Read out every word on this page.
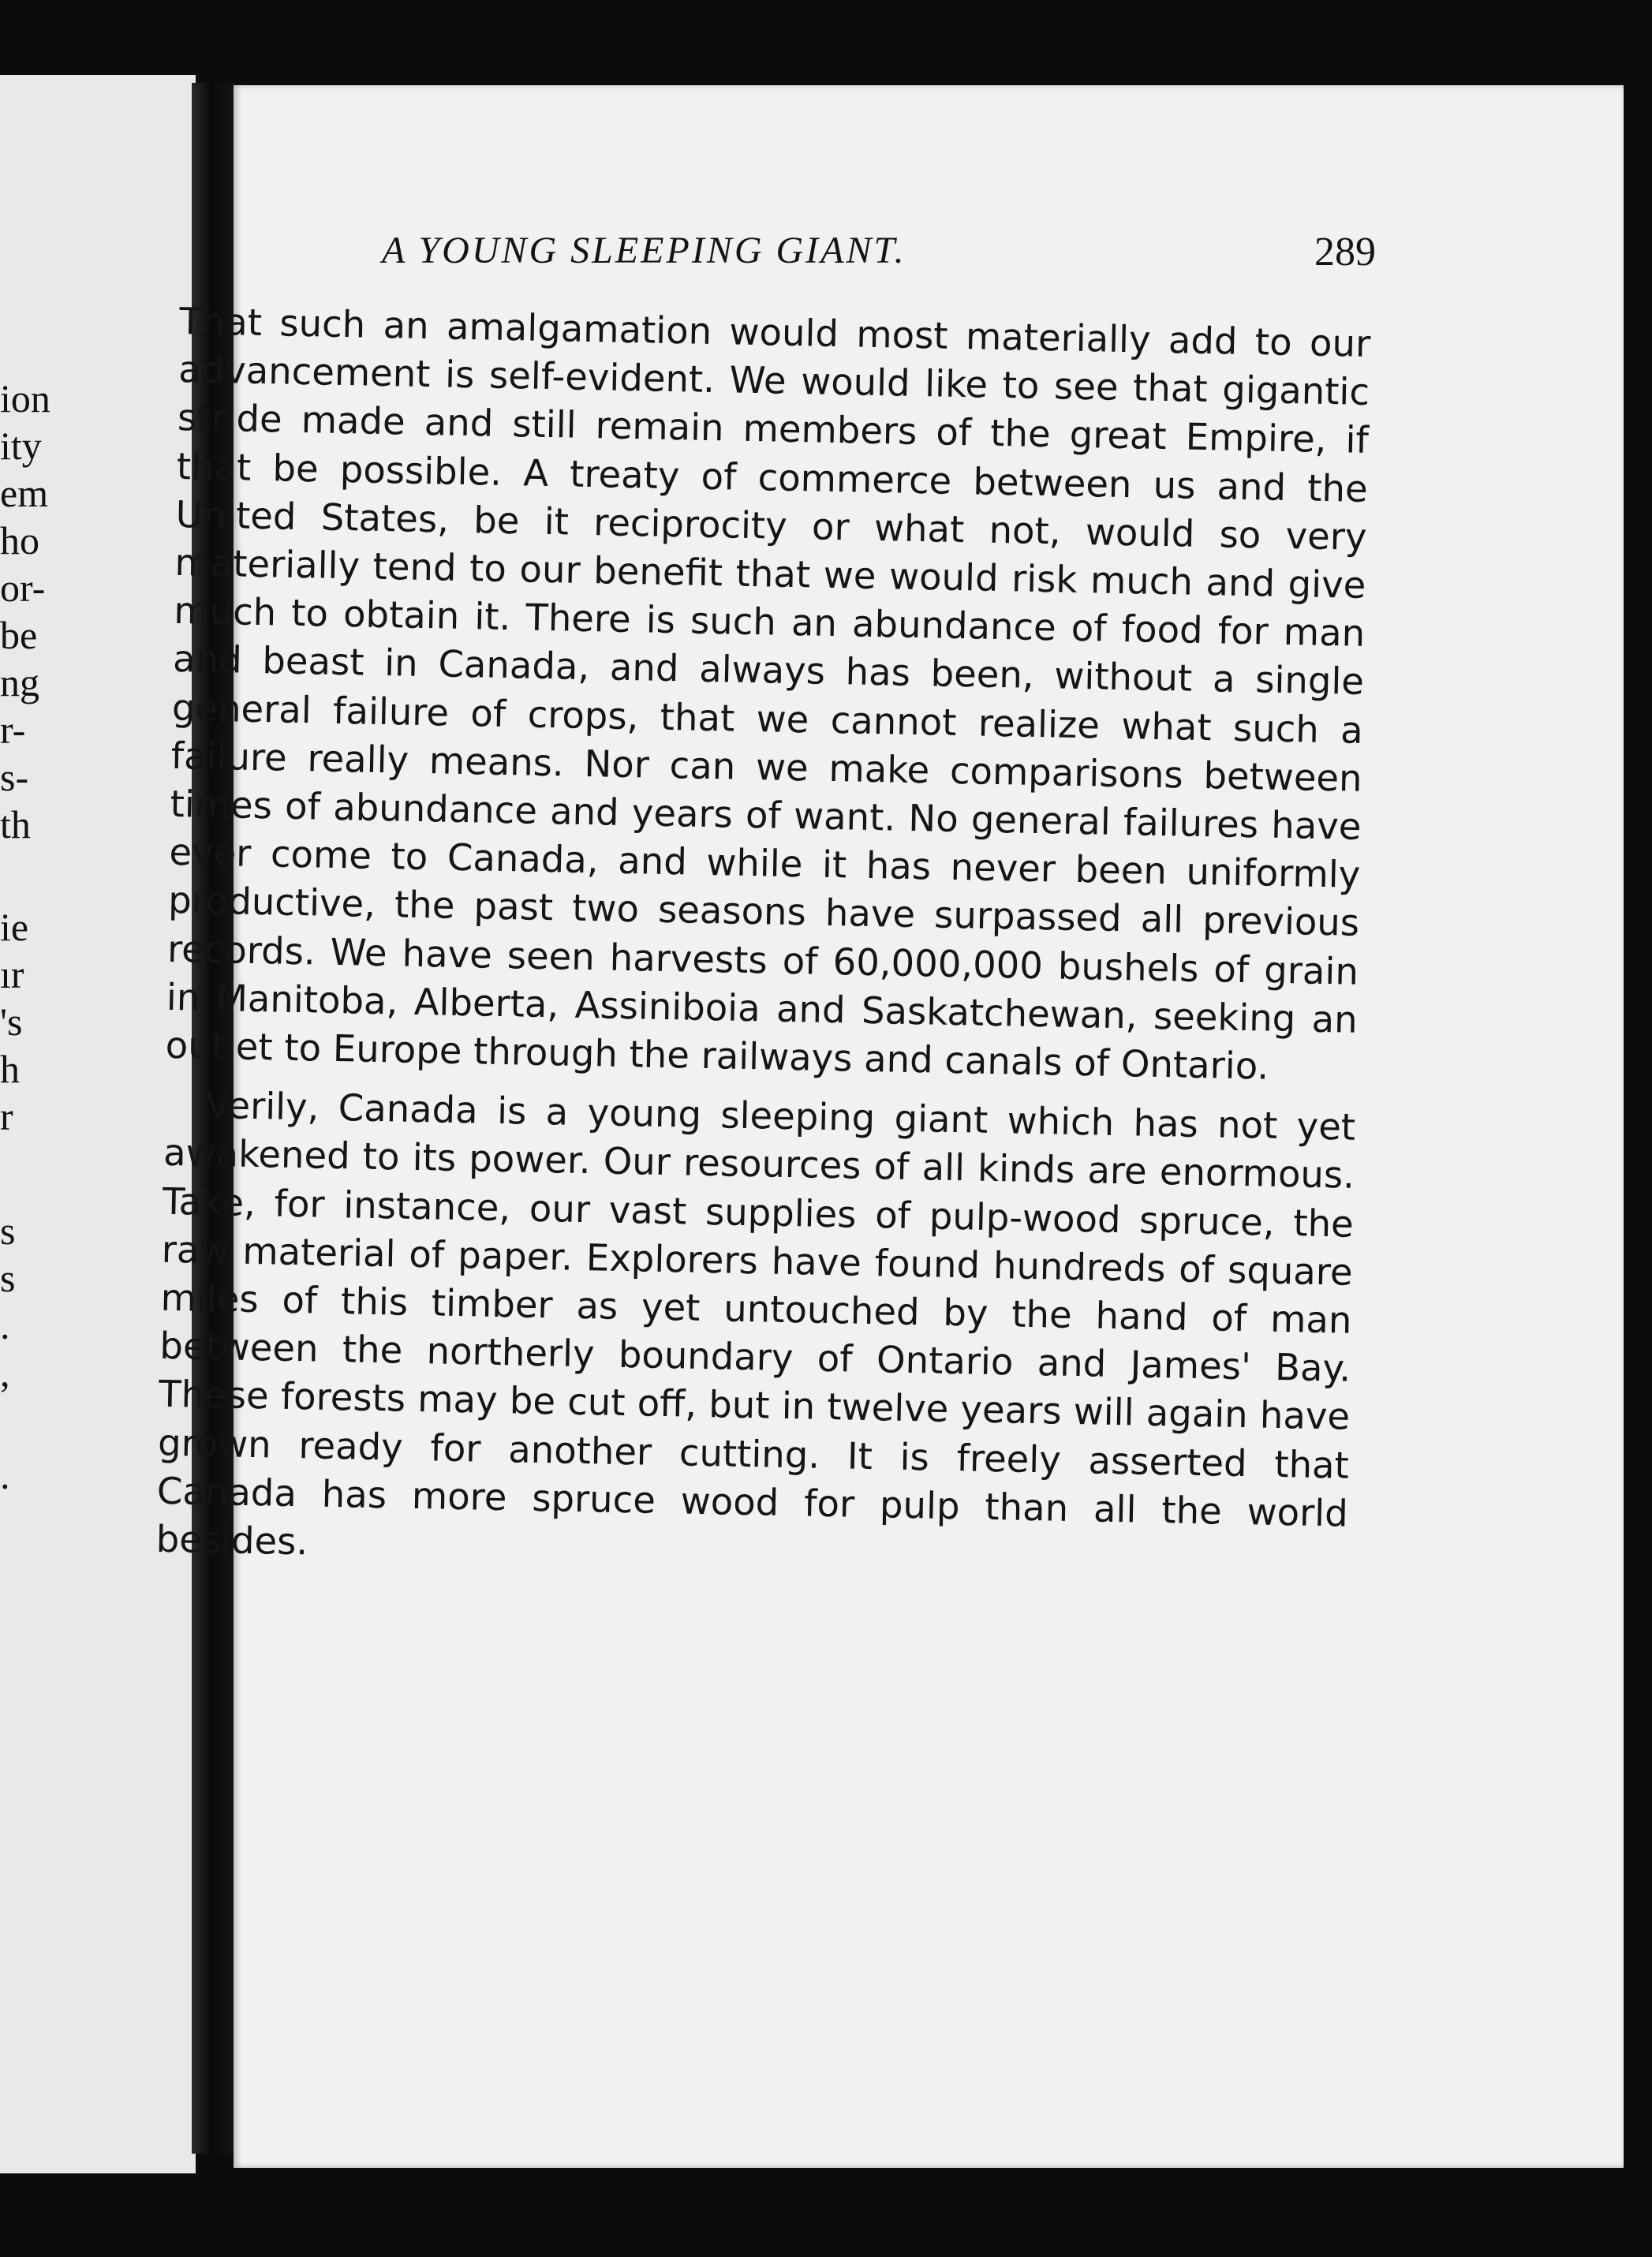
ion
ity
em
ho
or-
be
ng
r-
s-
th
ie
ır
's
h
r
s
s
.
,
.
A YOUNG SLEEPING GIANT.	289

That such an amalgamation would most materially add to our advancement is self-evident. We would like to see that gigantic stride made and still remain members of the great Empire, if that be possible. A treaty of commerce between us and the United States, be it reciprocity or what not, would so very materially tend to our benefit that we would risk much and give much to obtain it. There is such an abundance of food for man and beast in Canada, and always has been, without a single general failure of crops, that we cannot realize what such a failure really means. Nor can we make comparisons between times of abundance and years of want. No general failures have ever come to Canada, and while it has never been uniformly productive, the past two seasons have surpassed all previous records. We have seen harvests of 60,000,000 bushels of grain in Manitoba, Alberta, Assiniboia and Saskatchewan, seeking an outlet to Europe through the railways and canals of Ontario.

Verily, Canada is a young sleeping giant which has not yet awakened to its power. Our resources of all kinds are enormous. Take, for instance, our vast supplies of pulp-wood spruce, the raw material of paper. Explorers have found hundreds of square miles of this timber as yet untouched by the hand of man between the northerly boundary of Ontario and James' Bay. These forests may be cut off, but in twelve years will again have grown ready for another cutting. It is freely asserted that Canada has more spruce wood for pulp than all the world besides.
